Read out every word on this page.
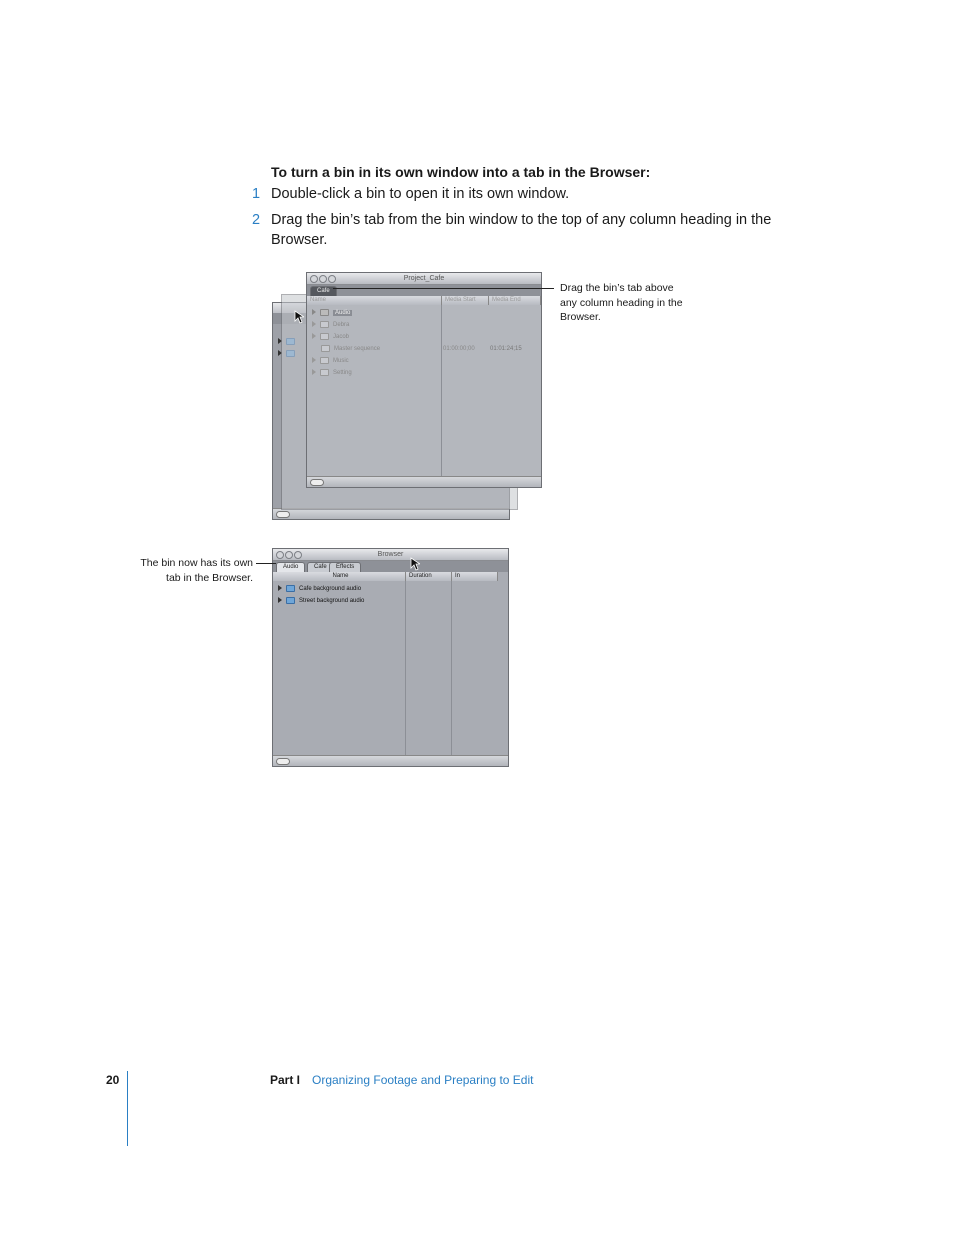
To turn a bin in its own window into a tab in the Browser:
1 Double-click a bin to open it in its own window.
2 Drag the bin’s tab from the bin window to the top of any column heading in the Browser.
Project_Cafe
Cafe
Name	Media Start	Media End
Audio
Debra
Jacob
Master sequence	01:00:00;00	01:01:24;15
Music
Setting
Drag the bin’s tab above any column heading in the Browser.
Browser
Audio	Cafe	Effects
Name	Duration	In
Cafe background audio
Street background audio
The bin now has its own tab in the Browser.
20	Part I Organizing Footage and Preparing to Edit
